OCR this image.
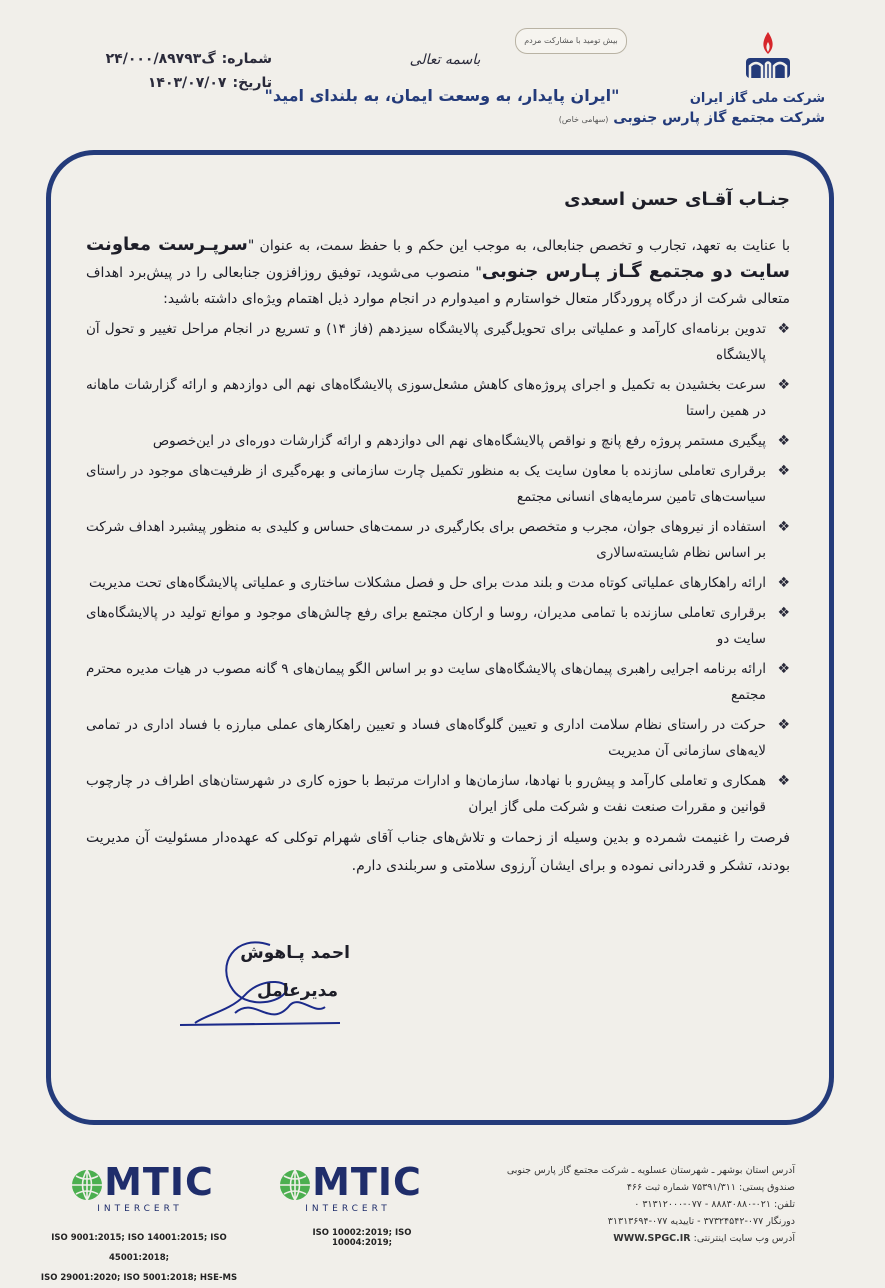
شرکت ملی گاز ایران
شرکت مجتمع گاز پارس جنوبی (سهامی خاص)
بیش تومید با مشارکت مردم
باسمه تعالی
"ایران پایدار، به وسعت ایمان، به بلندای امید"
شماره:
گ۲۴/۰۰۰/۸۹۷۹۳
تاریخ:
۱۴۰۳/۰۷/۰۷
جنـاب آقـای حسن اسعدی

با عنایت به تعهد، تجارب و تخصص جنابعالی، به موجب این حکم و با حفظ سمت، به عنوان "سرپـرست معاونت سایت دو مجتمع گـاز پـارس جنوبی" منصوب می‌شوید، توفیق روزافزون جنابعالی را در پیش‌برد اهداف متعالی شرکت از درگاه پروردگار متعال خواستارم و امیدوارم در انجام موارد ذیل اهتمام ویژه‌ای داشته باشید:

❖
تدوین برنامه‌ای کارآمد و عملیاتی برای تحویل‌گیری پالایشگاه سیزدهم (فاز ۱۴) و تسریع در انجام مراحل تغییر و تحول آن پالایشگاه
❖
سرعت بخشیدن به تکمیل و اجرای پروژه‌های کاهش مشعل‌سوزی پالایشگاه‌های نهم الی دوازدهم و ارائه گزارشات ماهانه در همین راستا
❖
پیگیری مستمر پروژه رفع پانچ و نواقص پالایشگاه‌های نهم الی دوازدهم و ارائه گزارشات دوره‌ای در این‌خصوص
❖
برقراری تعاملی سازنده با معاون سایت یک به منظور تکمیل چارت سازمانی و بهره‌گیری از ظرفیت‌های موجود در راستای سیاست‌های تامین سرمایه‌های انسانی مجتمع
❖
استفاده از نیروهای جوان، مجرب و متخصص برای بکارگیری در سمت‌های حساس و کلیدی به منظور پیشبرد اهداف شرکت بر اساس نظام شایسته‌سالاری
❖
ارائه راهکارهای عملیاتی کوتاه مدت و بلند مدت برای حل و فصل مشکلات ساختاری و عملیاتی پالایشگاه‌های تحت مدیریت
❖
برقراری تعاملی سازنده با تمامی مدیران، روسا و ارکان مجتمع برای رفع چالش‌های موجود و موانع تولید در پالایشگاه‌های سایت دو
❖
ارائه برنامه اجرایی راهبری پیمان‌های پالایشگاه‌های سایت دو بر اساس الگو پیمان‌های ۹ گانه مصوب در هیات مدیره محترم مجتمع
❖
حرکت در راستای نظام سلامت اداری و تعیین گلوگاه‌های فساد و تعیین راهکارهای عملی مبارزه با فساد اداری در تمامی لایه‌های سازمانی آن مدیریت
❖
همکاری و تعاملی کارآمد و پیش‌رو با نهادها، سازمان‌ها و ادارات مرتبط با حوزه کاری در شهرستان‌های اطراف در چارچوب قوانین و مقررات صنعت نفت و شرکت ملی گاز ایران

فرصت را غنیمت شمرده و بدین وسیله از زحمات و تلاش‌های جناب آقای شهرام توکلی که عهده‌دار مسئولیت آن مدیریت بودند، تشکر و قدردانی نموده و برای ایشان آرزوی سلامتی و سربلندی دارم.

احمد پـاهوش
مدیرعامل
آدرس استان بوشهر ـ شهرستان عسلویه ـ شرکت مجتمع گاز پارس جنوبی
صندوق پستی: ۷۵۳۹۱/۳۱۱ شماره ثبت ۴۶۶
تلفن: ۰۲۱-۸۸۸۳۰۸۸۰ - ۰۷۷-۳۱۳۱۲۰۰۰ ۰
دورنگار ۰۷۷-۳۷۳۲۴۵۴۲ - تاییدیه ۰۷۷-۳۱۳۱۳۶۹۴
آدرس وب سایت اینترنتی: WWW.SPGC.IR
MTIC
INTERCERT
MTIC
INTERCERT
ISO 9001:2015; ISO 14001:2015; ISO 45001:2018;
ISO 29001:2020; ISO 5001:2018; HSE-MS
ISO 10002:2019; ISO 10004:2019;
